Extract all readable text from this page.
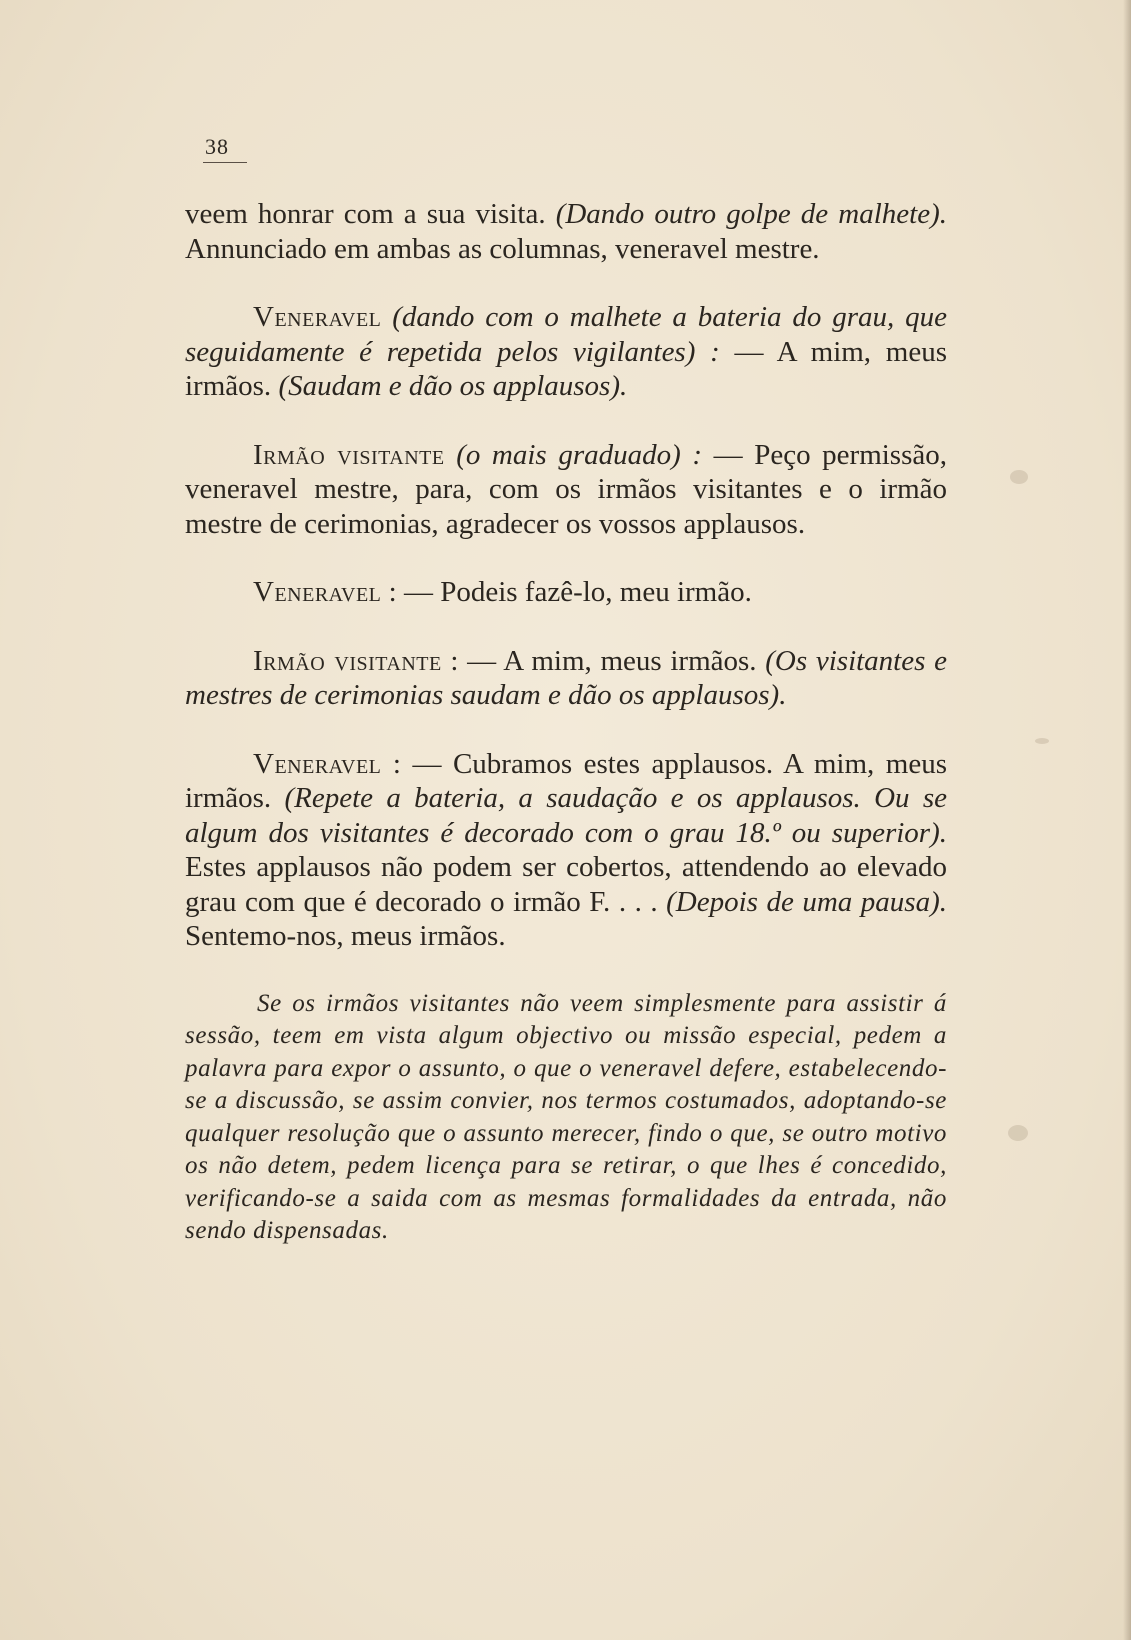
38

veem honrar com a sua visita. (Dando outro golpe de malhete). Annunciado em ambas as columnas, veneravel mestre.

Veneravel (dando com o malhete a bateria do grau, que seguidamente é repetida pelos vigilantes) : — A mim, meus irmãos. (Saudam e dão os applausos).

Irmão visitante (o mais graduado) : — Peço permissão, veneravel mestre, para, com os irmãos visitantes e o irmão mestre de cerimonias, agradecer os vossos applausos.

Veneravel : — Podeis fazê-lo, meu irmão.

Irmão visitante : — A mim, meus irmãos. (Os visitantes e mestres de cerimonias saudam e dão os applausos).

Veneravel : — Cubramos estes applausos. A mim, meus irmãos. (Repete a bateria, a saudação e os applausos. Ou se algum dos visitantes é decorado com o grau 18.º ou superior). Estes applausos não podem ser cobertos, attendendo ao elevado grau com que é decorado o irmão F. . . . (Depois de uma pausa). Sentemo-nos, meus irmãos.

Se os irmãos visitantes não veem simplesmente para assistir á sessão, teem em vista algum objectivo ou missão especial, pedem a palavra para expor o assunto, o que o veneravel defere, estabelecendo-se a discussão, se assim convier, nos termos costumados, adoptando-se qualquer resolução que o assunto merecer, findo o que, se outro motivo os não detem, pedem licença para se retirar, o que lhes é concedido, verificando-se a saida com as mesmas formalidades da entrada, não sendo dispensadas.
